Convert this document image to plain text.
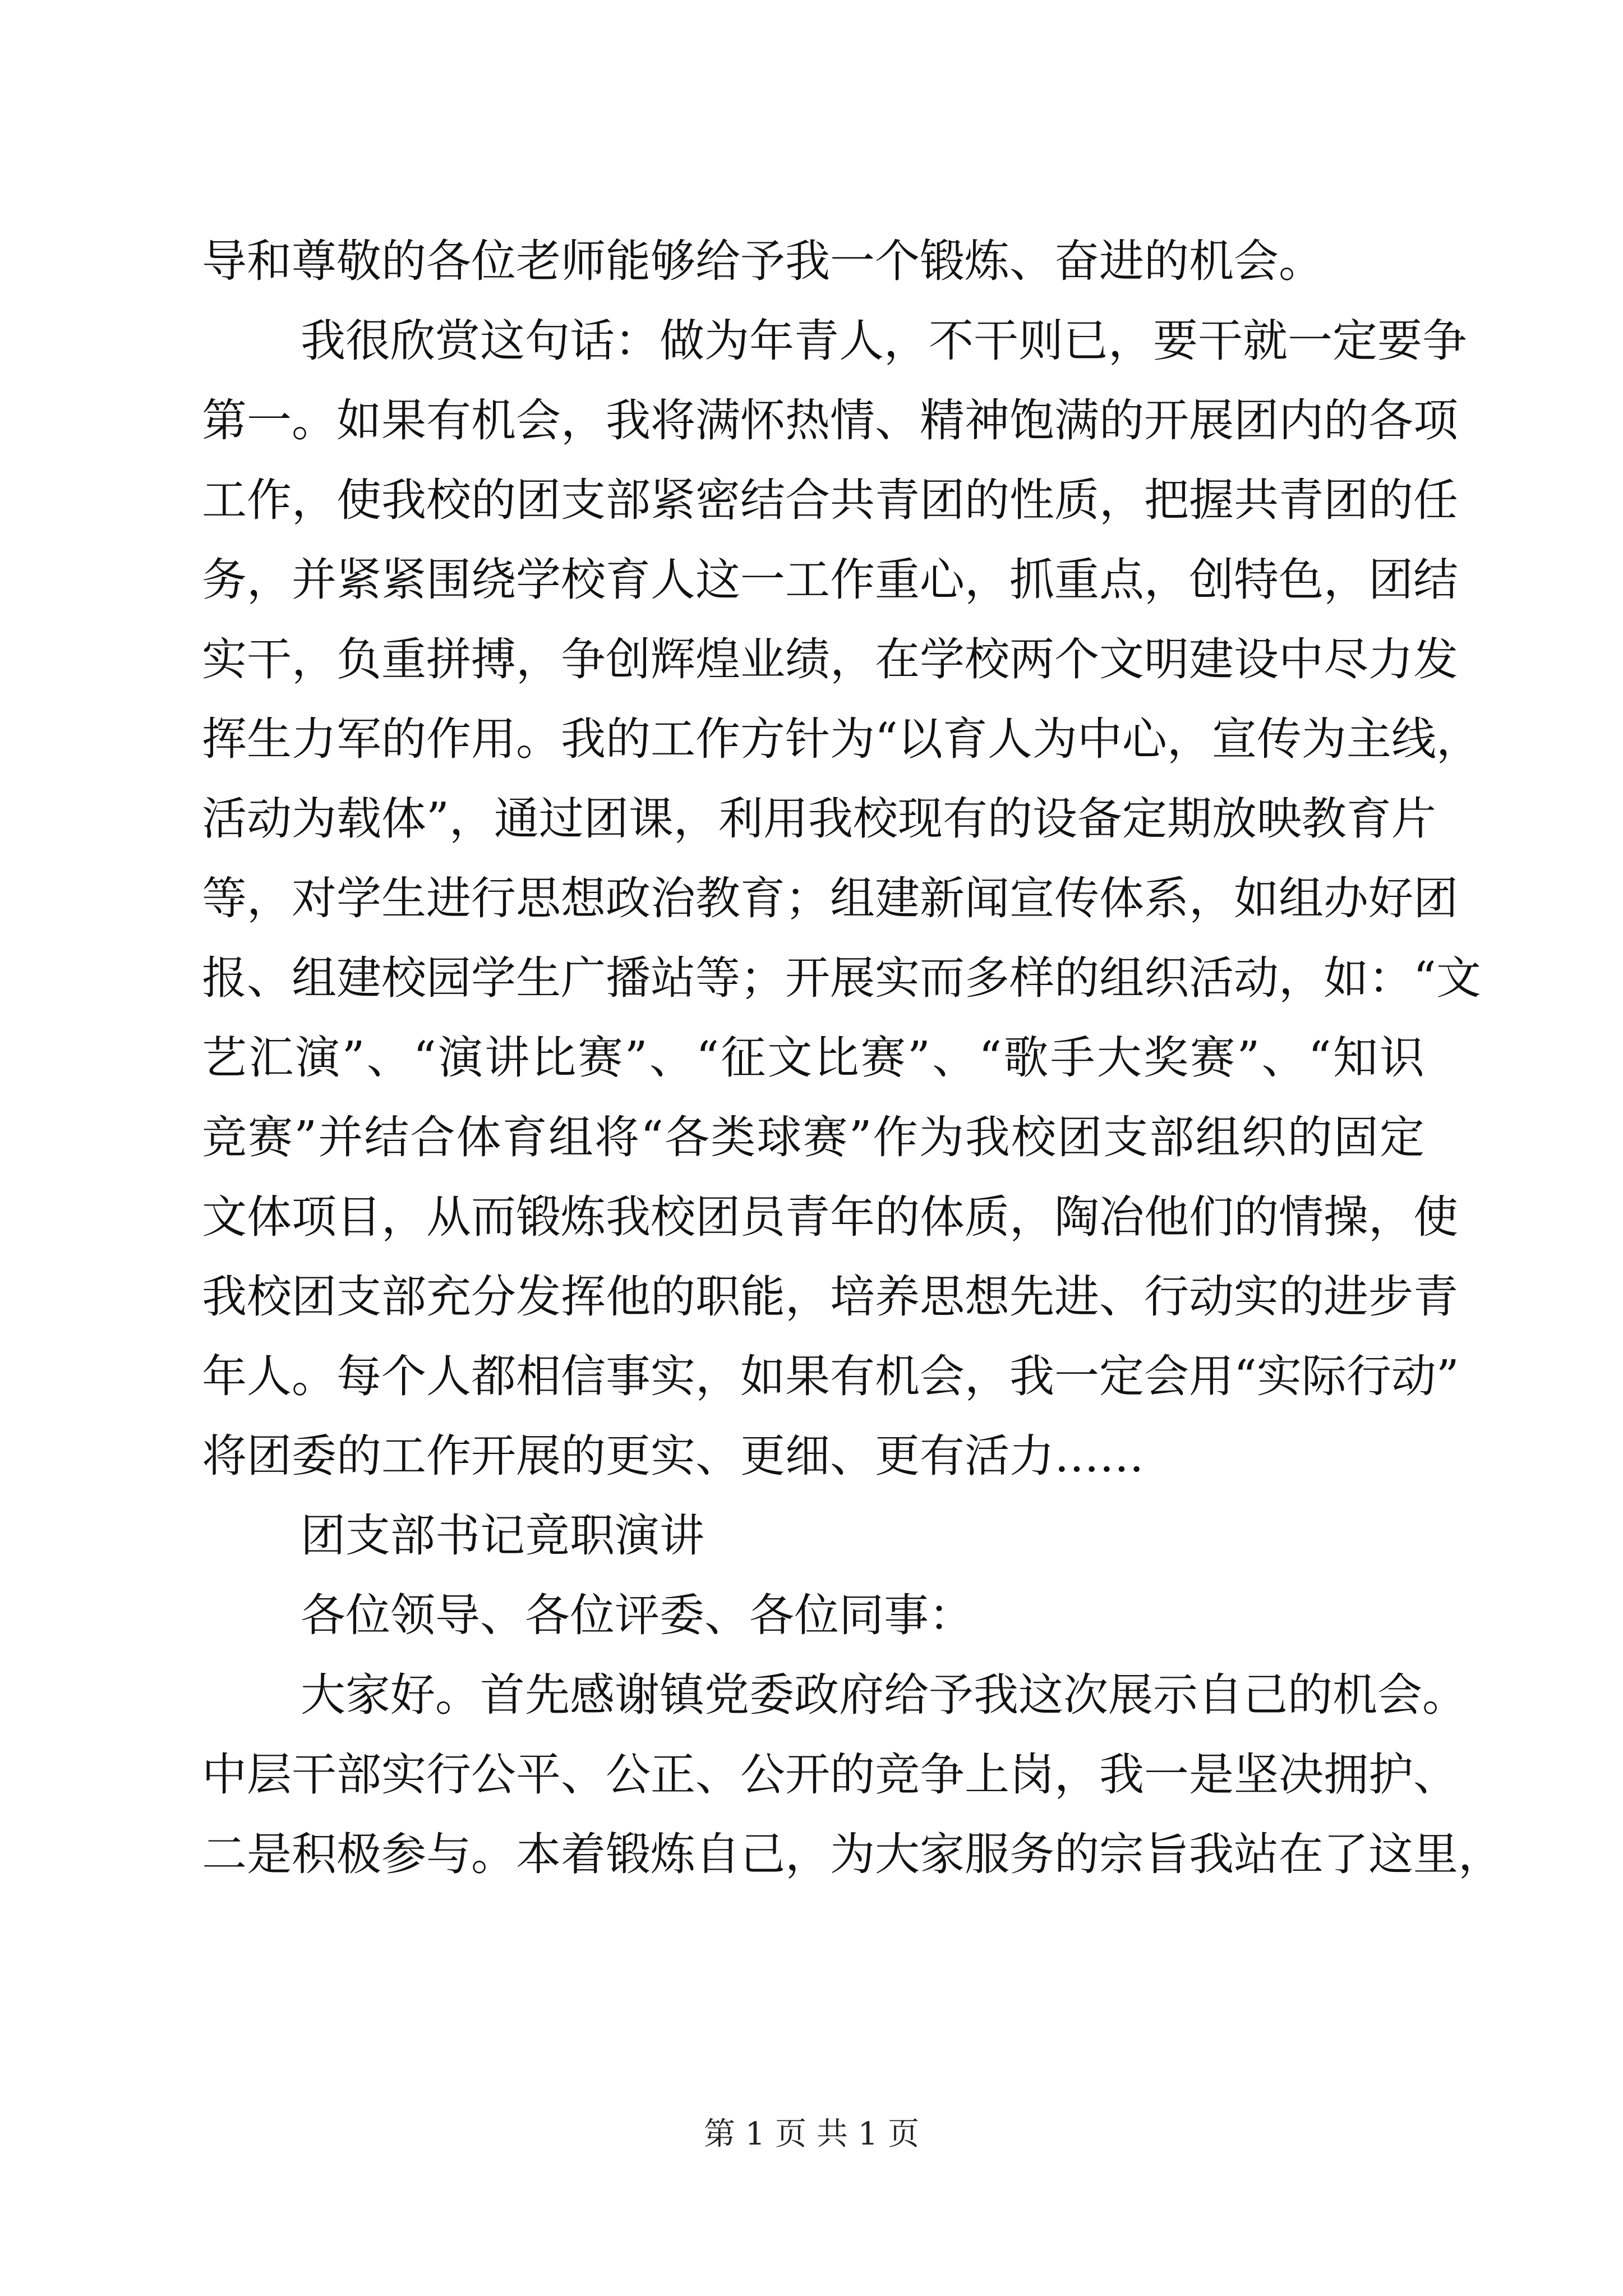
导和尊敬的各位老师能够给予我一个锻炼、奋进的机会。
我很欣赏这句话：做为年青人，不干则已，要干就一定要争
第一。如果有机会，我将满怀热情、精神饱满的开展团内的各项
工作，使我校的团支部紧密结合共青团的性质，把握共青团的任
务，并紧紧围绕学校育人这一工作重心，抓重点，创特色，团结
实干，负重拼搏，争创辉煌业绩，在学校两个文明建设中尽力发
挥生力军的作用。我的工作方针为“以育人为中心，宣传为主线，
活动为载体”，通过团课，利用我校现有的设备定期放映教育片
等，对学生进行思想政治教育；组建新闻宣传体系，如组办好团
报、组建校园学生广播站等；开展实而多样的组织活动，如：“文
艺汇演”、“演讲比赛”、“征文比赛”、“歌手大奖赛”、“知识
竞赛”并结合体育组将“各类球赛”作为我校团支部组织的固定
文体项目，从而锻炼我校团员青年的体质，陶冶他们的情操，使
我校团支部充分发挥他的职能，培养思想先进、行动实的进步青
年人。每个人都相信事实，如果有机会，我一定会用“实际行动”
将团委的工作开展的更实、更细、更有活力……
团支部书记竟职演讲
各位领导、各位评委、各位同事：
大家好。首先感谢镇党委政府给予我这次展示自己的机会。
中层干部实行公平、公正、公开的竞争上岗，我一是坚决拥护、
二是积极参与。本着锻炼自己，为大家服务的宗旨我站在了这里，
第 1 页 共 1 页
